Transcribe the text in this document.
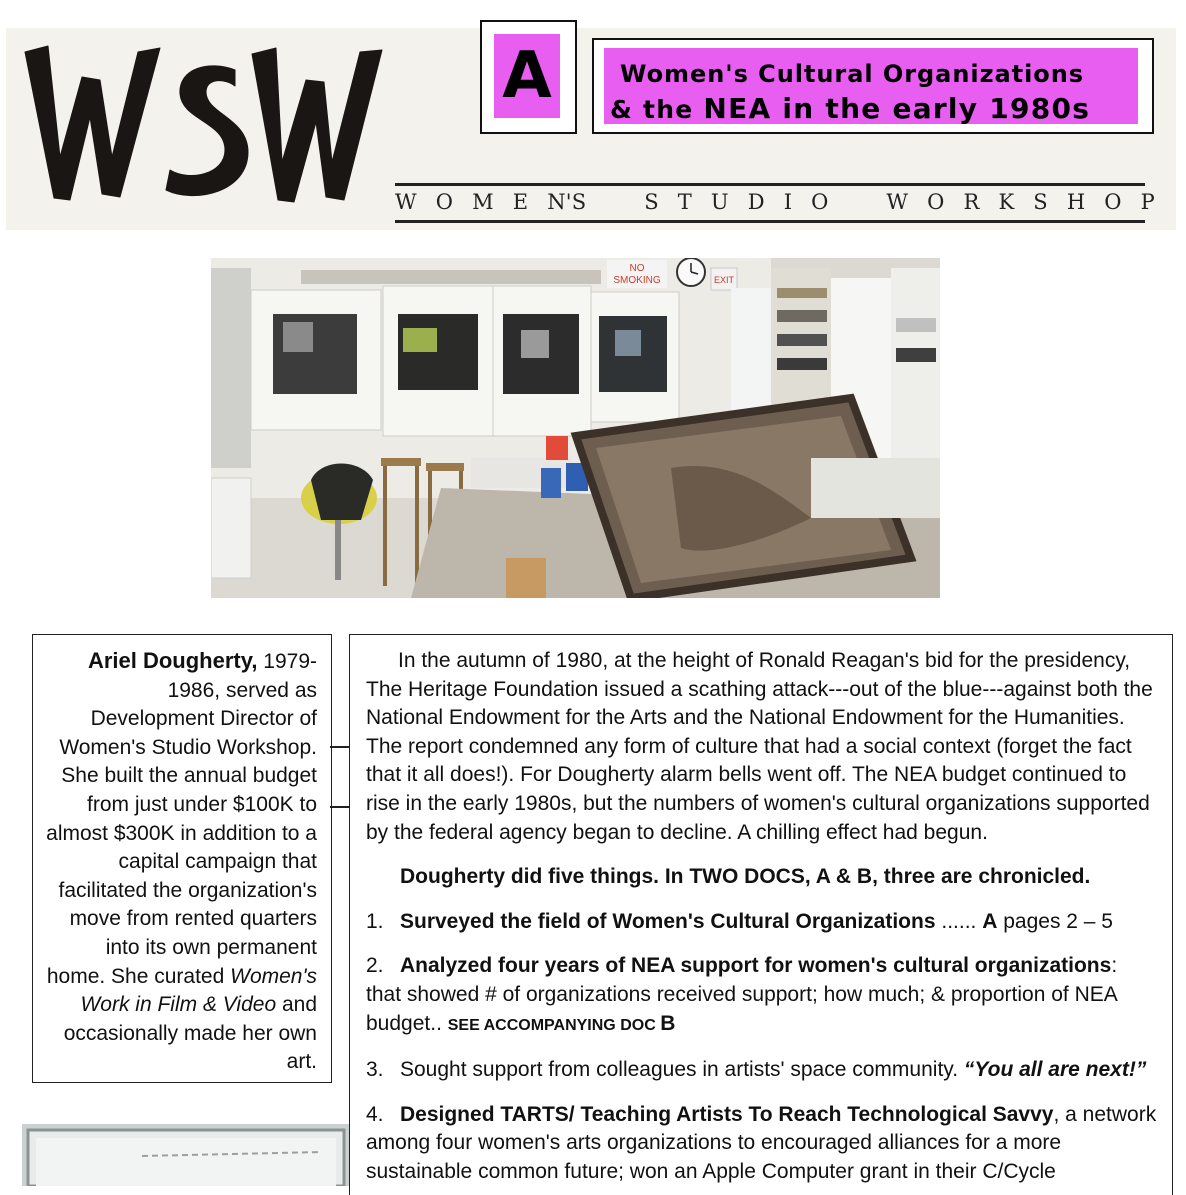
W O M E N'S	S T U D I O	W O R K S H O P
A	Women's Cultural Organizations
& the NEA in the early 1980s
NO
SMOKING	EXIT
Ariel Dougherty, 1979-1986, served as Development Director of Women's Studio Workshop. She built the annual budget from just under $100K to almost $300K in addition to a capital campaign that facilitated the organization's move from rented quarters into its own permanent home. She curated Women's Work in Film & Video and occasionally made her own art.

In the autumn of 1980, at the height of Ronald Reagan's bid for the presidency, The Heritage Foundation issued a scathing attack---out of the blue---against both the National Endowment for the Arts and the National Endowment for the Humanities. The report condemned any form of culture that had a social context (forget the fact that it all does!). For Dougherty alarm bells went off. The NEA budget continued to rise in the early 1980s, but the numbers of women's cultural organizations supported by the federal agency began to decline. A chilling effect had begun.

Dougherty did five things. In TWO DOCS, A & B, three are chronicled.

1. Surveyed the field of Women's Cultural Organizations ...... A pages 2 – 5

2. Analyzed four years of NEA support for women's cultural organizations: that showed # of organizations received support; how much; & proportion of NEA budget.. SEE ACCOMPANYING DOC B

3. Sought support from colleagues in artists' space community. “You all are next!”

4. Designed TARTS/ Teaching Artists To Reach Technological Savvy, a network among four women's arts organizations to encouraged alliances for a more sustainable common future; won an Apple Computer grant in their C/Cycle
